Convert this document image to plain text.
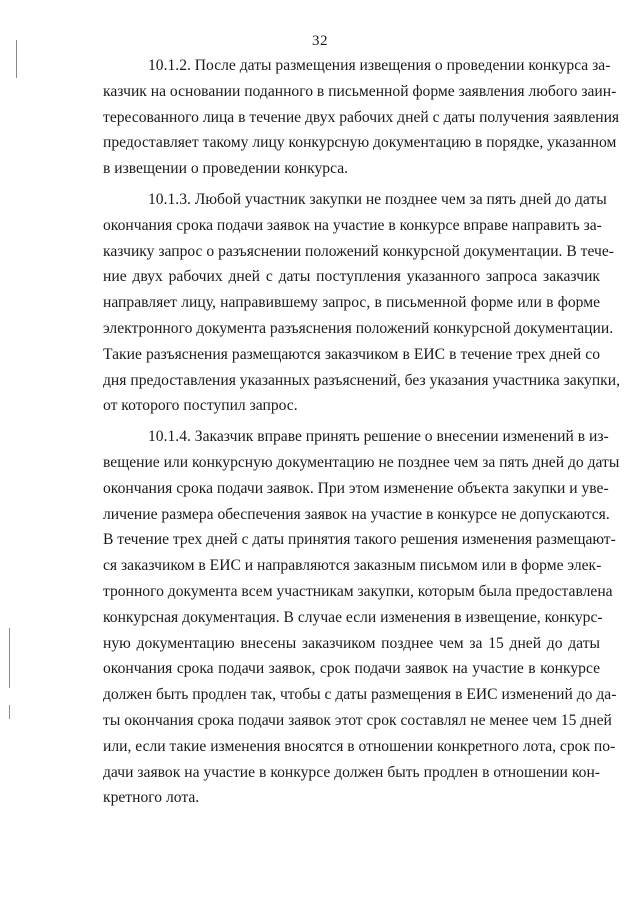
32
10.1.2. После даты размещения извещения о проведении конкурса за-
казчик на основании поданного в письменной форме заявления любого заин-
тересованного лица в течение двух рабочих дней с даты получения заявления
предоставляет такому лицу конкурсную документацию в порядке, указанном
в извещении о проведении конкурса.
10.1.3. Любой участник закупки не позднее чем за пять дней до даты
окончания срока подачи заявок на участие в конкурсе вправе направить за-
казчику запрос о разъяснении положений конкурсной документации. В тече-
ние двух рабочих дней с даты поступления указанного запроса заказчик
направляет лицу, направившему запрос, в письменной форме или в форме
электронного документа разъяснения положений конкурсной документации.
Такие разъяснения размещаются заказчиком в ЕИС в течение трех дней со
дня предоставления указанных разъяснений, без указания участника закупки,
от которого поступил запрос.
10.1.4. Заказчик вправе принять решение о внесении изменений в из-
вещение или конкурсную документацию не позднее чем за пять дней до даты
окончания срока подачи заявок. При этом изменение объекта закупки и уве-
личение размера обеспечения заявок на участие в конкурсе не допускаются.
В течение трех дней с даты принятия такого решения изменения размещают-
ся заказчиком в ЕИС и направляются заказным письмом или в форме элек-
тронного документа всем участникам закупки, которым была предоставлена
конкурсная документация. В случае если изменения в извещение, конкурс-
ную документацию внесены заказчиком позднее чем за 15 дней до даты
окончания срока подачи заявок, срок подачи заявок на участие в конкурсе
должен быть продлен так, чтобы с даты размещения в ЕИС изменений до да-
ты окончания срока подачи заявок этот срок составлял не менее чем 15 дней
или, если такие изменения вносятся в отношении конкретного лота, срок по-
дачи заявок на участие в конкурсе должен быть продлен в отношении кон-
кретного лота.
